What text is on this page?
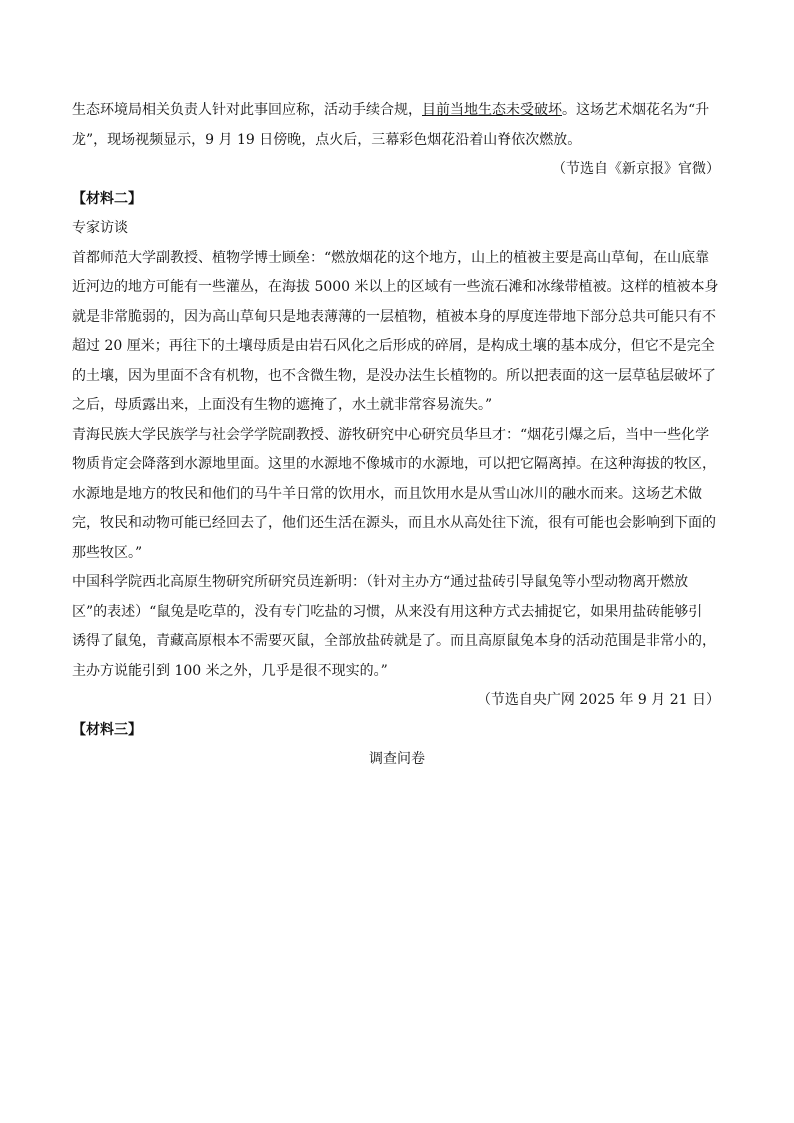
生态环境局相关负责人针对此事回应称，活动手续合规，目前当地生态未受破坏。这场艺术烟花名为“升
龙”，现场视频显示，9 月 19 日傍晚，点火后，三幕彩色烟花沿着山脊依次燃放。
（节选自《新京报》官微）
【材料二】
专家访谈
首都师范大学副教授、植物学博士顾垒：“燃放烟花的这个地方，山上的植被主要是高山草甸，在山底靠
近河边的地方可能有一些灌丛，在海拔 5000 米以上的区域有一些流石滩和冰缘带植被。这样的植被本身
就是非常脆弱的，因为高山草甸只是地表薄薄的一层植物，植被本身的厚度连带地下部分总共可能只有不
超过 20 厘米；再往下的土壤母质是由岩石风化之后形成的碎屑，是构成土壤的基本成分，但它不是完全
的土壤，因为里面不含有机物，也不含微生物，是没办法生长植物的。所以把表面的这一层草毡层破坏了
之后，母质露出来，上面没有生物的遮掩了，水土就非常容易流失。”
青海民族大学民族学与社会学学院副教授、游牧研究中心研究员华旦才：“烟花引爆之后，当中一些化学
物质肯定会降落到水源地里面。这里的水源地不像城市的水源地，可以把它隔离掉。在这种海拔的牧区，
水源地是地方的牧民和他们的马牛羊日常的饮用水，而且饮用水是从雪山冰川的融水而来。这场艺术做
完，牧民和动物可能已经回去了，他们还生活在源头，而且水从高处往下流，很有可能也会影响到下面的
那些牧区。”
中国科学院西北高原生物研究所研究员连新明：（针对主办方“通过盐砖引导鼠兔等小型动物离开燃放
区”的表述）“鼠兔是吃草的，没有专门吃盐的习惯，从来没有用这种方式去捕捉它，如果用盐砖能够引
诱得了鼠兔，青藏高原根本不需要灭鼠，全部放盐砖就是了。而且高原鼠兔本身的活动范围是非常小的，
主办方说能引到 100 米之外，几乎是很不现实的。”
（节选自央广网 2025 年 9 月 21 日）
【材料三】
调查问卷
